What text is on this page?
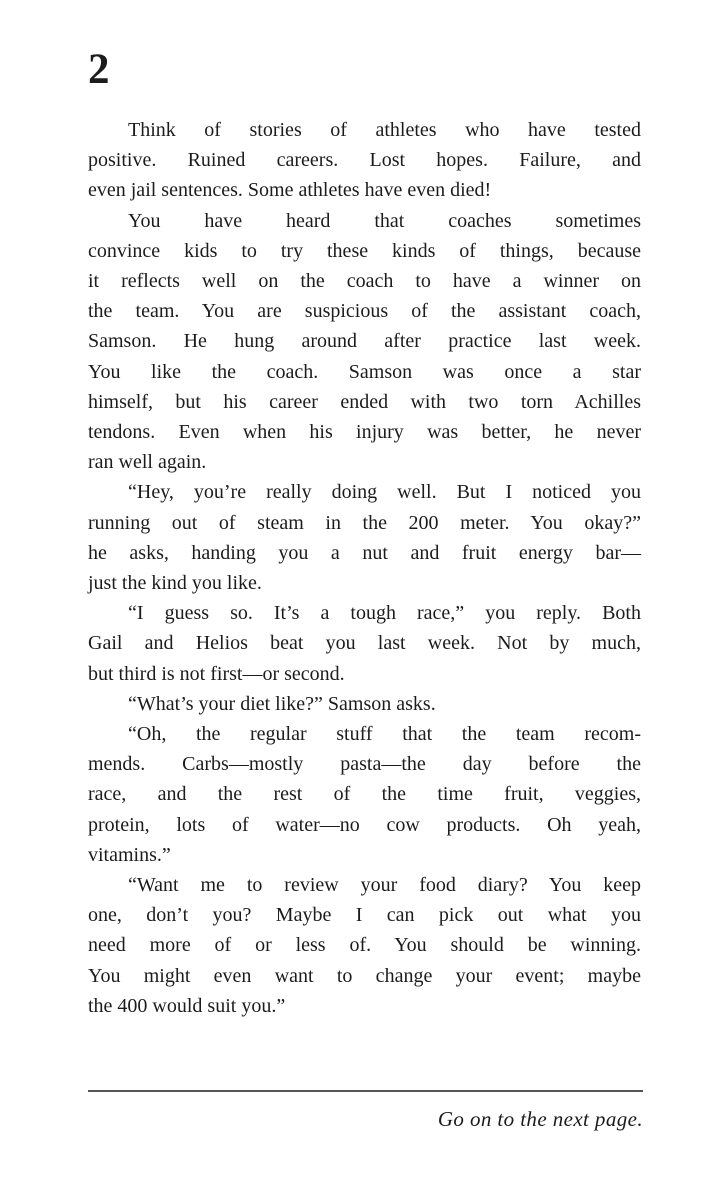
2
Think of stories of athletes who have tested
positive. Ruined careers. Lost hopes. Failure, and
even jail sentences. Some athletes have even died!
You have heard that coaches sometimes
convince kids to try these kinds of things, because
it reflects well on the coach to have a winner on
the team. You are suspicious of the assistant coach,
Samson. He hung around after practice last week.
You like the coach. Samson was once a star
himself, but his career ended with two torn Achilles
tendons. Even when his injury was better, he never
ran well again.
“Hey, you’re really doing well. But I noticed you
running out of steam in the 200 meter. You okay?”
he asks, handing you a nut and fruit energy bar—
just the kind you like.
“I guess so. It’s a tough race,” you reply. Both
Gail and Helios beat you last week. Not by much,
but third is not first—or second.
“What’s your diet like?” Samson asks.
“Oh, the regular stuff that the team recom-
mends. Carbs—mostly pasta—the day before the
race, and the rest of the time fruit, veggies,
protein, lots of water—no cow products. Oh yeah,
vitamins.”
“Want me to review your food diary? You keep
one, don’t you? Maybe I can pick out what you
need more of or less of. You should be winning.
You might even want to change your event; maybe
the 400 would suit you.”
Go on to the next page.
